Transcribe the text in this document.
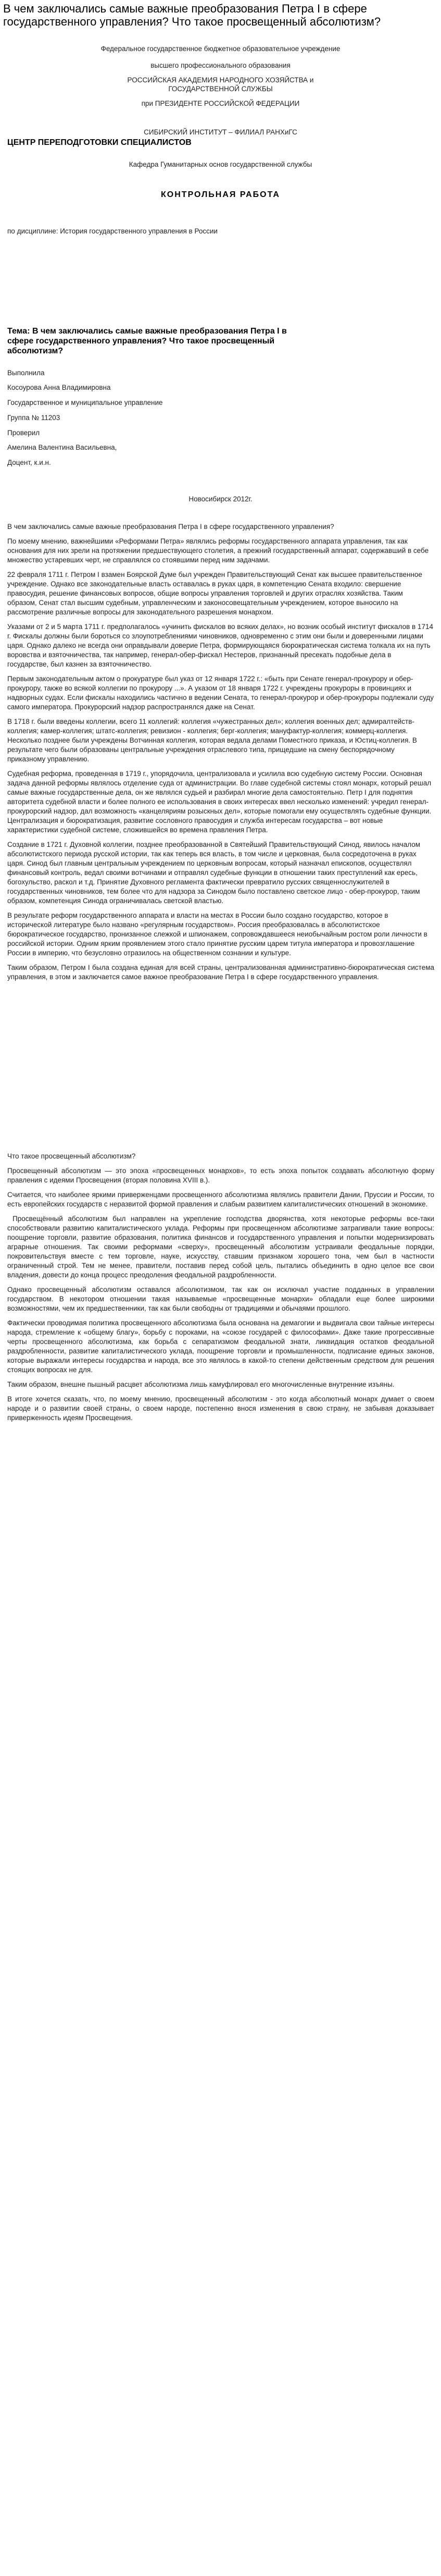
В чем заключались самые важные преобразования Петра I в сфере государственного управления? Что такое просвещенный абсолютизм?
Федеральное государственное бюджетное образовательное учреждение
высшего профессионального образования
РОССИЙСКАЯ АКАДЕМИЯ НАРОДНОГО ХОЗЯЙСТВА и
ГОСУДАРСТВЕННОЙ СЛУЖБЫ
при ПРЕЗИДЕНТЕ РОССИЙСКОЙ ФЕДЕРАЦИИ
СИБИРСКИЙ ИНСТИТУТ – ФИЛИАЛ РАНХиГС
ЦЕНТР ПЕРЕПОДГОТОВКИ СПЕЦИАЛИСТОВ
Кафедра Гуманитарных основ государственной службы
КОНТРОЛЬНАЯ РАБОТА
по дисциплине: История государственного управления в России
Тема: В чем заключались самые важные преобразования Петра I в сфере государственного управления? Что такое просвещенный абсолютизм?
Выполнила
Косоурова Анна Владимировна
Государственное и муниципальное управление
Группа № 11203
Проверил
Амелина Валентина Васильевна,
Доцент, к.и.н.
Новосибирск 2012г.

В чем заключались самые важные преобразования Петра I в сфере государственного управления?

По моему мнению, важнейшими «Реформами Петра» являлись реформы государственного аппарата управления, так как основания для них зрели на протяжении предшествующего столетия, а прежний государственный аппарат, содержавший в себе множество устаревших черт, не справлялся со стоявшими перед ним задачами.

22 февраля 1711 г. Петром I взамен Боярской Думе был учрежден Правительствующий Сенат как высшее правительственное учреждение. Однако все законодательные власть оставалась в руках царя, в компетенцию Сената входило: свершение правосудия, решение финансовых вопросов, общие вопросы управления торговлей и других отраслях хозяйства. Таким образом, Сенат стал высшим судебным, управленческим и законосовещательным учреждением, которое выносило на рассмотрение различные вопросы для законодательного разрешения монархом.

Указами от 2 и 5 марта 1711 г. предполагалось «учинить фискалов во всяких делах», но возник особый институт фискалов в 1714 г. Фискалы должны были бороться со злоупотреблениями чиновников, одновременно с этим они были и доверенными лицами царя. Однако далеко не всегда они оправдывали доверие Петра, формирующаяся бюрократическая система толкала их на путь воровства и взяточничества, так например, генерал-обер-фискал Нестеров, признанный пресекать подобные дела в государстве, был казнен за взяточничество.

Первым законодательным актом о прокуратуре был указ от 12 января 1722 г.: «быть при Сенате генерал-прокурору и обер-прокурору, также во всякой коллегии по прокурору ...». А указом от 18 января 1722 г. учреждены прокуроры в провинциях и надворных судах. Если фискалы находились частично в ведении Сената, то генерал-прокурор и обер-прокуроры подлежали суду самого императора. Прокурорский надзор распространялся даже на Сенат.

В 1718 г. были введены коллегии, всего 11 коллегий: коллегия «чужестранных дел»; коллегия военных дел; адмиралтейств-коллегия; камер-коллегия; штатс-коллегия; ревизион - коллегия; берг-коллегия; мануфактур-коллегия; коммерц-коллегия. Несколько позднее были учреждены Вотчинная коллегия, которая ведала делами Поместного приказа, и Юстиц-коллегия. В результате чего были образованы центральные учреждения отраслевого типа, прищедшие на смену беспорядочному приказному управлению.

Судебная реформа, проведенная в 1719 г., упорядочила, централизовала и усилила всю судебную систему России. Основная задача данной реформы являлось отделение суда от администрации. Во главе судебной системы стоял монарх, который решал самые важные государственные дела, он же являлся судьей и разбирал многие дела самостоятельно. Петр I для поднятия авторитета судебной власти и более полного ее использования в своих интересах ввел несколько изменений: учредил генерал-прокурорский надзор, дал возможность «канцеляриям розыскных дел», которые помогали ему осуществлять судебные функции. Централизация и бюрократизация, развитие сословного правосудия и служба интересам государства – вот новые характеристики судебной системе, сложившейся во времена правления Петра.

Создание в 1721 г. Духовной коллегии, позднее преобразованной в Святейший Правительствующий Синод, явилось началом абсолютистского периода русской истории, так как теперь вся власть, в том числе и церковная, была сосредоточена в руках царя. Синод был главным центральным учреждением по церковным вопросам, который назначал епископов, осуществлял финансовый контроль, ведал своими вотчинами и отправлял судебные функции в отношении таких преступлений как ересь, богохульство, раскол и т.д. Принятие Духовного регламента фактически превратило русских священнослужителей в государственных чиновников, тем более что для надзора за Синодом было поставлено светское лицо - обер-прокурор, таким образом, компетенция Синода ограничивалась светской властью.

В результате реформ государственного аппарата и власти на местах в России было создано государство, которое в исторической литературе было названо «регулярным государством». Россия преобразовалась в абсолютистское бюрократическое государство, пронизанное слежкой и шпионажем, сопровождавшееся неиобычайным ростом роли личности в российской истории. Одним ярким проявлением этого стало принятие русским царем титула императора и провозглашение России в империю, что безусловно отразилось на общественном сознании и культуре.

Таким образом, Петром I была создана единая для всей страны, централизованная административно-бюрократическая система управления, в этом и заключается самое важное преобразование Петра I в сфере государственного управления.

Что такое просвещенный абсолютизм?

Просвещенный абсолютизм — это эпоха «просвещенных монархов», то есть эпоха попыток создавать абсолютную форму правления с идеями Просвещения (вторая половина XVIII в.).

Считается, что наиболее яркими приверженцами просвещенного абсолютизма являлись правители Дании, Пруссии и России, то есть европейских государств с неразвитой формой правления и слабым развитием капиталистических отношений в экономике.

Просвещённый абсолютизм был направлен на укрепление господства дворянства, хотя некоторые реформы все-таки способствовали развитию капиталистического уклада. Реформы при просвещенном абсолютизме затрагивали такие вопросы: поощрение торговли, развитие образования, политика финансов и государственного управления и попытки модернизировать аграрные отношения. Так своими реформами «сверху», просвещенный абсолютизм устраивали феодальные порядки, покровительствуя вместе с тем торговле, науке, искусству, ставшим признаком хорошего тона, чем был в частности ограниченный строй. Тем не менее, правители, поставив перед собой цель, пытались объединить в одно целое все свои владения, довести до конца процесс преодоления феодальной раздробленности.

Однако просвещенный абсолютизм оставался абсолютизмом, так как он исключал участие подданных в управлении государством. В некотором отношении такая называемые «просвещенные монархи» обладали еще более широкими возможностями, чем их предшественники, так как были свободны от традициями и обычаями прошлого.

Фактически проводимая политика просвещенного абсолютизма была основана на демагогии и выдвигала свои тайные интересы народа, стремление к «общему благу», борьбу с пороками, на «союзе государей с философами». Даже такие прогрессивные черты просвещенного абсолютизма, как борьба с сепаратизмом феодальной знати, ликвидация остатков феодальной раздробленности, развитие капиталистического уклада, поощрение торговли и промышленности, подписание единых законов, которые выражали интересы государства и народа, все это являлось в какой-то степени действенным средством для решения стоящих вопросах не для.

Таким образом, внешне пышный расцвет абсолютизма лишь камуфлировал его многочисленные внутренние изъяны.

В итоге хочется сказать, что, по моему мнению, просвещенный абсолютизм - это когда абсолютный монарх думает о своем народе и о развитии своей страны, о своем народе, постепенно внося изменения в свою страну, не забывая доказывает приверженность идеям Просвещения.
